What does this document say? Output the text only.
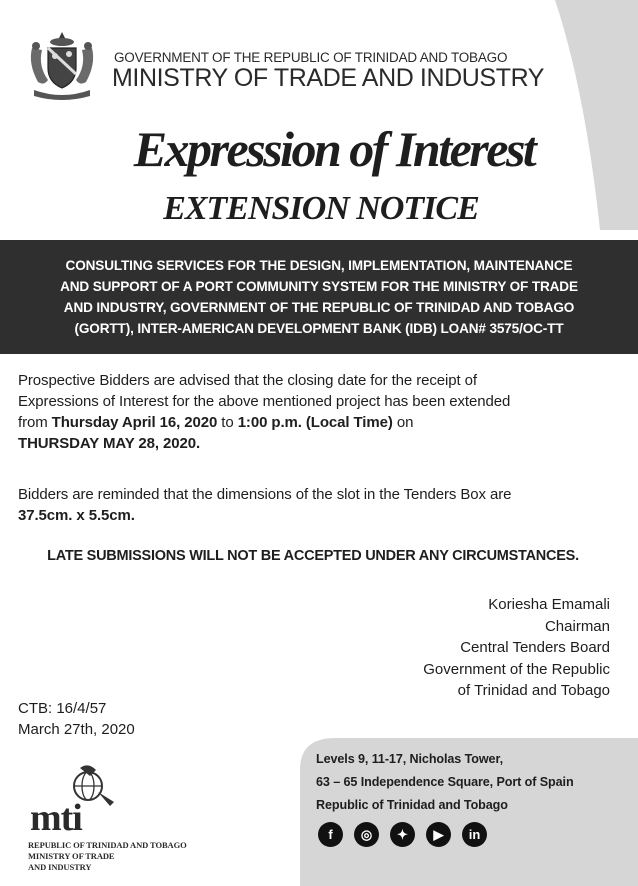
GOVERNMENT OF THE REPUBLIC OF TRINIDAD AND TOBAGO
MINISTRY OF TRADE AND INDUSTRY
Expression of Interest
EXTENSION NOTICE
CONSULTING SERVICES FOR THE DESIGN, IMPLEMENTATION, MAINTENANCE
AND SUPPORT OF A PORT COMMUNITY SYSTEM FOR THE MINISTRY OF TRADE
AND INDUSTRY, GOVERNMENT OF THE REPUBLIC OF TRINIDAD AND TOBAGO
(GORTT), INTER-AMERICAN DEVELOPMENT BANK (IDB) LOAN# 3575/OC-TT
Prospective Bidders are advised that the closing date for the receipt of
Expressions of Interest for the above mentioned project has been extended
from Thursday April 16, 2020 to 1:00 p.m. (Local Time) on
THURSDAY MAY 28, 2020.
Bidders are reminded that the dimensions of the slot in the Tenders Box are
37.5cm. x 5.5cm.
LATE SUBMISSIONS WILL NOT BE ACCEPTED UNDER ANY CIRCUMSTANCES.
Koriesha Emamali
Chairman
Central Tenders Board
Government of the Republic
of Trinidad and Tobago
CTB: 16/4/57
March 27th, 2020
Levels 9, 11-17, Nicholas Tower,
63 – 65 Independence Square, Port of Spain
Republic of Trinidad and Tobago
f	◎	✦	▶	in
mti
REPUBLIC OF TRINIDAD AND TOBAGO
MINISTRY OF TRADE
AND INDUSTRY
